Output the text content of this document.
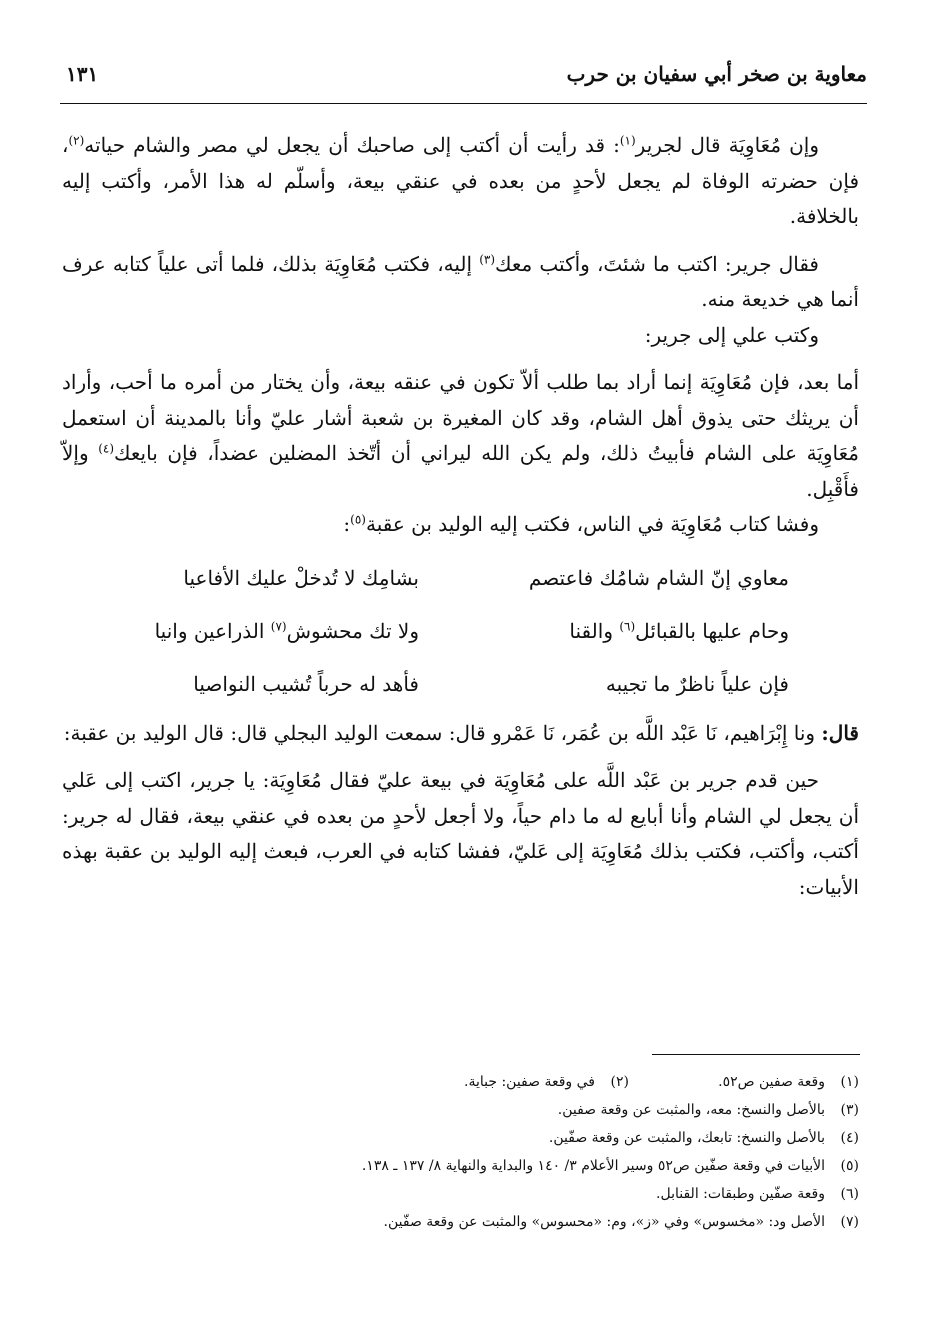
معاوية بن صخر أبي سفيان بن حرب
١٣١

وإن مُعَاوِيَة قال لجرير$^{(١)}$: قد رأيت أن أكتب إلى صاحبك أن يجعل لي مصر والشام حياته$^{(٢)}$، فإن حضرته الوفاة لم يجعل لأحدٍ من بعده في عنقي بيعة، وأسلّم له هذا الأمر، وأكتب إليه بالخلافة.

فقال جرير: اكتب ما شئتَ، وأكتب معك$^{(٣)}$ إليه، فكتب مُعَاوِيَة بذلك، فلما أتى علياً كتابه عرف أنما هي خديعة منه.

وكتب علي إلى جرير:

أما بعد، فإن مُعَاوِيَة إنما أراد بما طلب ألاّ تكون في عنقه بيعة، وأن يختار من أمره ما أحب، وأراد أن يريثك حتى يذوق أهل الشام، وقد كان المغيرة بن شعبة أشار عليّ وأنا بالمدينة أن استعمل مُعَاوِيَة على الشام فأبيتُ ذلك، ولم يكن الله ليراني أن أتّخذ المضلين عضداً، فإن بايعك$^{(٤)}$ وإلاّ فأَقْبِل.

وفشا كتاب مُعَاوِيَة في الناس، فكتب إليه الوليد بن عقبة$^{(٥)}$:

معاوي إنّ الشام شامُك فاعتصم
بشامِك لا تُدخلْ عليك الأفاعيا
وحام عليها بالقبائل$^{(٦)}$ والقنا
ولا تك محشوش$^{(٧)}$ الذراعين وانيا
فإن علياً ناظرٌ ما تجيبه
فأهد له حرباً تُشيب النواصيا

قال: ونا إِبْرَاهيم، نَا عَبْد اللَّه بن عُمَر، نَا عَمْرو قال: سمعت الوليد البجلي قال: قال الوليد بن عقبة:

حين قدم جرير بن عَبْد اللَّه على مُعَاوِيَة في بيعة عليّ فقال مُعَاوِيَة: يا جرير، اكتب إلى عَلي أن يجعل لي الشام وأنا أبايع له ما دام حياً، ولا أجعل لأحدٍ من بعده في عنقي بيعة، فقال له جرير: أكتب، وأكتب، فكتب بذلك مُعَاوِيَة إلى عَليّ، ففشا كتابه في العرب، فبعث إليه الوليد بن عقبة بهذه الأبيات:

(١)وقعة صفين ص٥٢.
(٢)في وقعة صفين: جباية.
(٣)
بالأصل والنسخ: معه، والمثبت عن وقعة صفين.
(٤)
بالأصل والنسخ: تابعك، والمثبت عن وقعة صفّين.
(٥)
الأبيات في وقعة صفّين ص٥٢ وسير الأعلام ٣/ ١٤٠ والبداية والنهاية ٨/ ١٣٧ ـ ١٣٨.
(٦)
وقعة صفّين وطبقات: القنابل.
(٧)
الأصل ود: «مخسوس» وفي «ز»، وم: «محسوس» والمثبت عن وقعة صفّين.
